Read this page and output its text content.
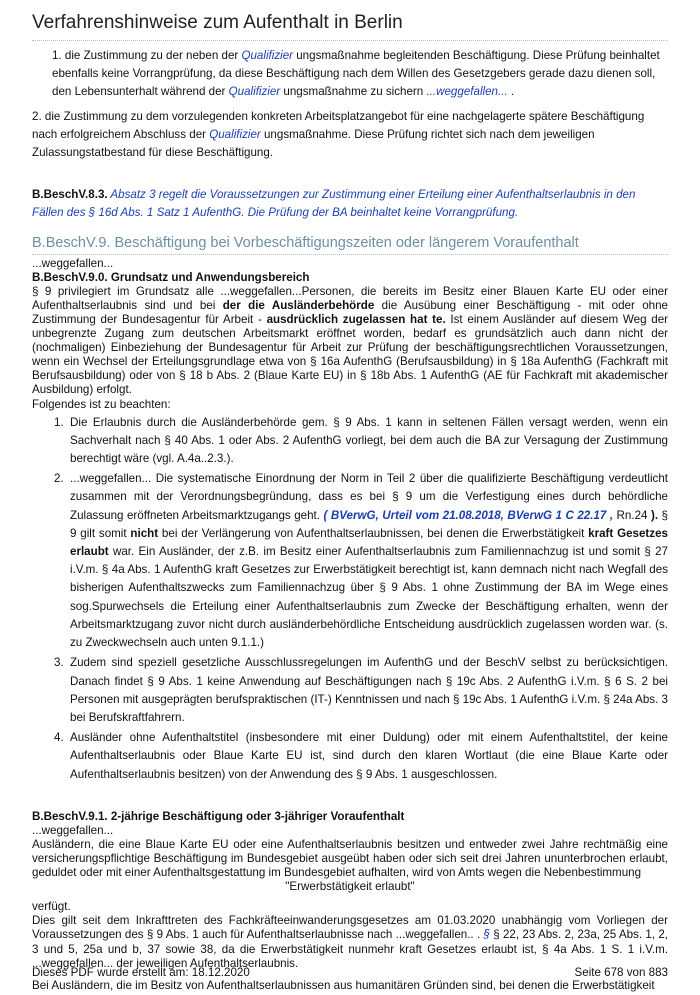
Verfahrenshinweise zum Aufenthalt in Berlin
1. die Zustimmung zu der neben der Qualifizier ungsmaßnahme begleitenden Beschäftigung. Diese Prüfung beinhaltet ebenfalls keine Vorrangprüfung, da diese Beschäftigung nach dem Willen des Gesetzgebers gerade dazu dienen soll, den Lebensunterhalt während der Qualifizier ungsmaßnahme zu sichern ...weggefallen... .
2. die Zustimmung zu dem vorzulegenden konkreten Arbeitsplatzangebot für eine nachgelagerte spätere Beschäftigung nach erfolgreichem Abschluss der Qualifizier ungsmaßnahme. Diese Prüfung richtet sich nach dem jeweiligen Zulassungstatbestand für diese Beschäftigung.
B.BeschV.8.3. Absatz 3 regelt die Voraussetzungen zur Zustimmung einer Erteilung einer Aufenthaltserlaubnis in den Fällen des § 16d Abs. 1 Satz 1 AufenthG. Die Prüfung der BA beinhaltet keine Vorrangprüfung.
B.BeschV.9. Beschäftigung bei Vorbeschäftigungszeiten oder längerem Voraufenthalt
...weggefallen...
B.BeschV.9.0. Grundsatz und Anwendungsbereich
§ 9 privilegiert im Grundsatz alle ...weggefallen...Personen, die bereits im Besitz einer Blauen Karte EU oder einer Aufenthaltserlaubnis sind und bei der die Ausländerbehörde die Ausübung einer Beschäftigung - mit oder ohne Zustimmung der Bundesagentur für Arbeit - ausdrücklich zugelassen hat te. Ist einem Ausländer auf diesem Weg der unbegrenzte Zugang zum deutschen Arbeitsmarkt eröffnet worden, bedarf es grundsätzlich auch dann nicht der (nochmaligen) Einbeziehung der Bundesagentur für Arbeit zur Prüfung der beschäftigungsrechtlichen Voraussetzungen, wenn ein Wechsel der Erteilungsgrundlage etwa von § 16a AufenthG (Berufsausbildung) in § 18a AufenthG (Fachkraft mit Berufsausbildung) oder von § 18 b Abs. 2 (Blaue Karte EU) in § 18b Abs. 1 AufenthG (AE für Fachkraft mit akademischer Ausbildung) erfolgt.
Folgendes ist zu beachten:
1. Die Erlaubnis durch die Ausländerbehörde gem. § 9 Abs. 1 kann in seltenen Fällen versagt werden, wenn ein Sachverhalt nach § 40 Abs. 1 oder Abs. 2 AufenthG vorliegt, bei dem auch die BA zur Versagung der Zustimmung berechtigt wäre (vgl. A.4a..2.3.).
2. ...weggefallen... Die systematische Einordnung der Norm in Teil 2 über die qualifizierte Beschäftigung verdeutlicht zusammen mit der Verordnungsbegründung, dass es bei § 9 um die Verfestigung eines durch behördliche Zulassung eröffneten Arbeitsmarktzugangs geht. ( BVerwG, Urteil vom 21.08.2018, BVerwG 1 C 22.17 , Rn.24 ). § 9 gilt somit nicht bei der Verlängerung von Aufenthaltserlaubnissen, bei denen die Erwerbstätigkeit kraft Gesetzes erlaubt war. Ein Ausländer, der z.B. im Besitz einer Aufenthaltserlaubnis zum Familiennachzug ist und somit § 27 i.V.m. § 4a Abs. 1 AufenthG kraft Gesetzes zur Erwerbstätigkeit berechtigt ist, kann demnach nicht nach Wegfall des bisherigen Aufenthaltszwecks zum Familiennachzug über § 9 Abs. 1 ohne Zustimmung der BA im Wege eines sog.Spurwechsels die Erteilung einer Aufenthaltserlaubnis zum Zwecke der Beschäftigung erhalten, wenn der Arbeitsmarktzugang zuvor nicht durch ausländerbehördliche Entscheidung ausdrücklich zugelassen worden war. (s. zu Zweckwechseln auch unten 9.1.1.)
3. Zudem sind speziell gesetzliche Ausschlussregelungen im AufenthG und der BeschV selbst zu berücksichtigen. Danach findet § 9 Abs. 1 keine Anwendung auf Beschäftigungen nach § 19c Abs. 2 AufenthG i.V.m. § 6 S. 2 bei Personen mit ausgeprägten berufspraktischen (IT-) Kenntnissen und nach § 19c Abs. 1 AufenthG i.V.m. § 24a Abs. 3 bei Berufskraftfahrern.
4. Ausländer ohne Aufenthaltstitel (insbesondere mit einer Duldung) oder mit einem Aufenthaltstitel, der keine Aufenthaltserlaubnis oder Blaue Karte EU ist, sind durch den klaren Wortlaut (die eine Blaue Karte oder Aufenthaltserlaubnis besitzen) von der Anwendung des § 9 Abs. 1 ausgeschlossen.
B.BeschV.9.1. 2-jährige Beschäftigung oder 3-jähriger Voraufenthalt
...weggefallen...
Ausländern, die eine Blaue Karte EU oder eine Aufenthaltserlaubnis besitzen und entweder zwei Jahre rechtmäßig eine versicherungspflichtige Beschäftigung im Bundesgebiet ausgeübt haben oder sich seit drei Jahren ununterbrochen erlaubt, geduldet oder mit einer Aufenthaltsgestattung im Bundesgebiet aufhalten, wird von Amts wegen die Nebenbestimmung
"Erwerbstätigkeit erlaubt"
verfügt.
Dies gilt seit dem Inkrafttreten des Fachkräfteeinwanderungsgesetzes am 01.03.2020 unabhängig vom Vorliegen der Voraussetzungen des § 9 Abs. 1 auch für Aufenthaltserlaubnisse nach ...weggefallen.. . § § 22, 23 Abs. 2, 23a, 25 Abs. 1, 2, 3 und 5, 25a und b, 37 sowie 38, da die Erwerbstätigkeit nunmehr kraft Gesetzes erlaubt ist, § 4a Abs. 1 S. 1 i.V.m. ...weggefallen... der jeweiligen Aufenthaltserlaubnis.
Bei Ausländern, die im Besitz von Aufenthaltserlaubnissen aus humanitären Gründen sind, bei denen die Erwerbstätigkeit
Dieses PDF wurde erstellt am: 18.12.2020	Seite 678 von 883
